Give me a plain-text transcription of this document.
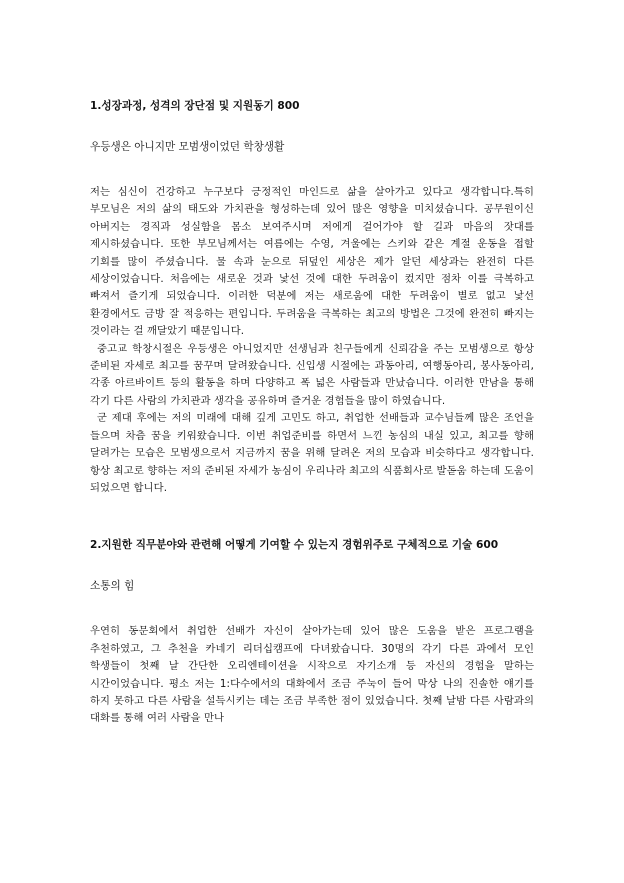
1.성장과정, 성격의 장단점 및 지원동기 800

우등생은 아니지만 모범생이었던 학창생활

저는 심신이 건강하고 누구보다 긍정적인 마인드로 삶을 살아가고 있다고 생각합니다.특히 부모님은 저의 삶의 태도와 가치관을 형성하는데 있어 많은 영향을 미치셨습니다. 공무원이신 아버지는 경직과 성실함을 몸소 보여주시며 저에게 걸어가야 할 길과 마음의 잣대를 제시하셨습니다. 또한 부모님께서는 여름에는 수영, 겨울에는 스키와 같은 계절 운동을 접할 기회를 많이 주셨습니다. 물 속과 눈으로 뒤덮인 세상은 제가 알던 세상과는 완전히 다른 세상이었습니다. 처음에는 새로운 것과 낯선 것에 대한 두려움이 컸지만 점차 이를 극복하고 빠져서 즐기게 되었습니다. 이러한 덕분에 저는 새로움에 대한 두려움이 별로 없고 낯선 환경에서도 금방 잘 적응하는 편입니다. 두려움을 극복하는 최고의 방법은 그것에 완전히 빠지는 것이라는 걸 깨달았기 때문입니다.

중고교 학창시절은 우등생은 아니었지만 선생님과 친구들에게 신뢰감을 주는 모범생으로 항상 준비된 자세로 최고를 꿈꾸며 달려왔습니다. 신입생 시절에는 과동아리, 여행동아리, 봉사동아리, 각종 아르바이트 등의 활동을 하며 다양하고 폭 넓은 사람들과 만났습니다. 이러한 만남을 통해 각기 다른 사람의 가치관과 생각을 공유하며 즐거운 경험들을 많이 하였습니다.

군 제대 후에는 저의 미래에 대해 깊게 고민도 하고, 취업한 선배들과 교수님들께 많은 조언을 들으며 차츰 꿈을 키워왔습니다. 이번 취업준비를 하면서 느낀 농심의 내실 있고, 최고를 향해 달려가는 모습은 모범생으로서 지금까지 꿈을 위해 달려온 저의 모습과 비슷하다고 생각합니다. 항상 최고로 향하는 저의 준비된 자세가 농심이 우리나라 최고의 식품회사로 발돋움 하는데 도움이 되었으면 합니다.

2.지원한 직무분야와 관련해 어떻게 기여할 수 있는지 경험위주로 구체적으로 기술 600

소통의 힘

우연히 동문회에서 취업한 선배가 자신이 살아가는데 있어 많은 도움을 받은 프로그램을 추천하였고, 그 추천을 카네기 리더십캠프에 다녀왔습니다. 30명의 각기 다른 과에서 모인 학생들이 첫째 날 간단한 오리엔테이션을 시작으로 자기소개 등 자신의 경험을 말하는 시간이었습니다. 평소 저는 1:다수에서의 대화에서 조금 주눅이 들어 막상 나의 진솔한 얘기를 하지 못하고 다른 사람을 설득시키는 데는 조금 부족한 점이 있었습니다. 첫째 날밤 다른 사람과의 대화를 통해 여러 사람을 만나
